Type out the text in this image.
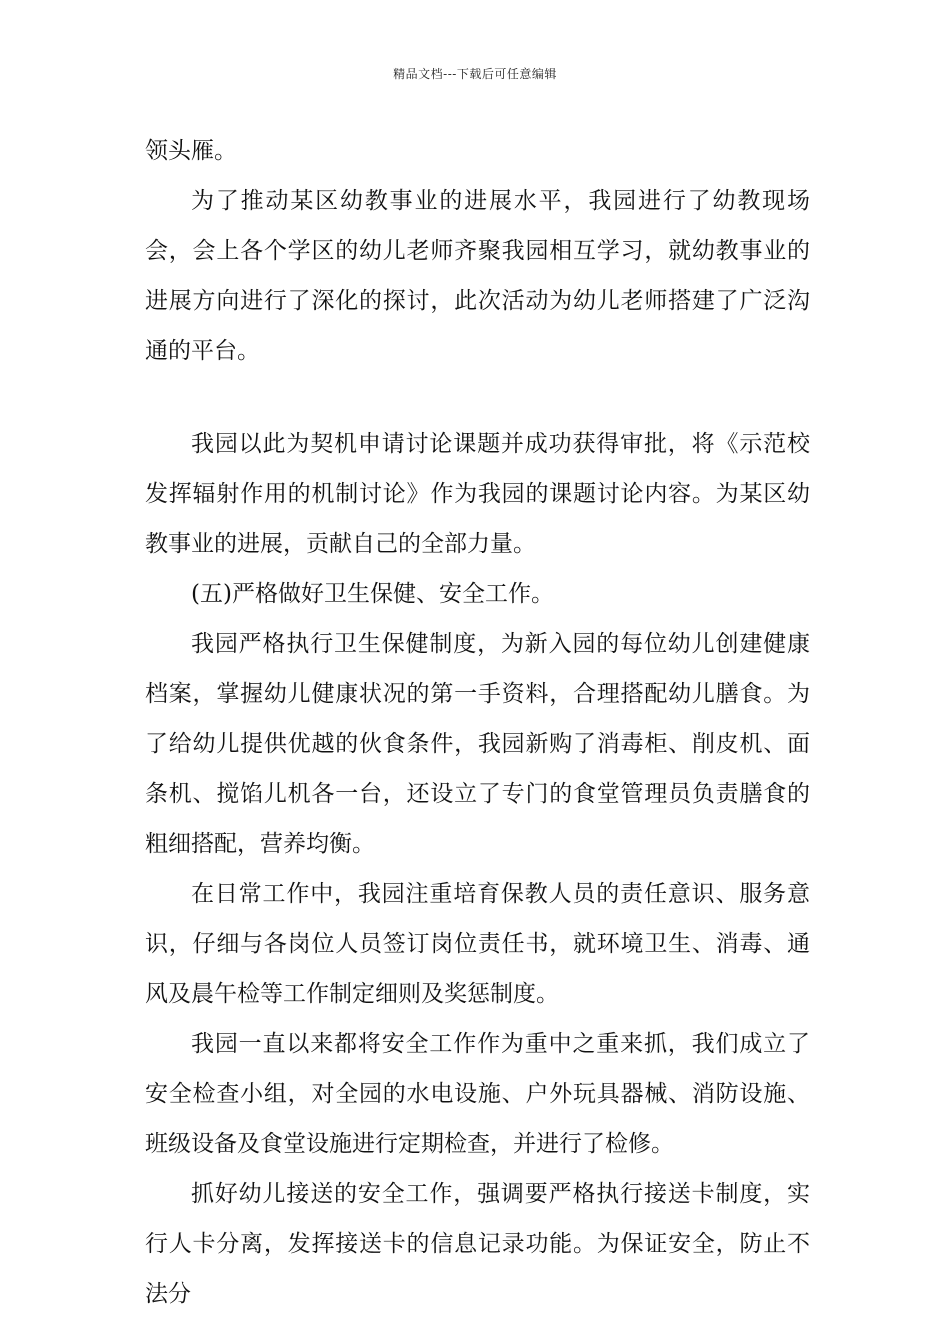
精品文档---下载后可任意编辑

领头雁。

为了推动某区幼教事业的进展水平，我园进行了幼教现场会，会上各个学区的幼儿老师齐聚我园相互学习，就幼教事业的进展方向进行了深化的探讨，此次活动为幼儿老师搭建了广泛沟通的平台。

我园以此为契机申请讨论课题并成功获得审批，将《示范校发挥辐射作用的机制讨论》作为我园的课题讨论内容。为某区幼教事业的进展，贡献自己的全部力量。

(五)严格做好卫生保健、安全工作。

我园严格执行卫生保健制度，为新入园的每位幼儿创建健康档案，掌握幼儿健康状况的第一手资料，合理搭配幼儿膳食。为了给幼儿提供优越的伙食条件，我园新购了消毒柜、削皮机、面条机、搅馅儿机各一台，还设立了专门的食堂管理员负责膳食的粗细搭配，营养均衡。

在日常工作中，我园注重培育保教人员的责任意识、服务意识，仔细与各岗位人员签订岗位责任书，就环境卫生、消毒、通风及晨午检等工作制定细则及奖惩制度。

我园一直以来都将安全工作作为重中之重来抓，我们成立了安全检查小组，对全园的水电设施、户外玩具器械、消防设施、班级设备及食堂设施进行定期检查，并进行了检修。

抓好幼儿接送的安全工作，强调要严格执行接送卡制度，实行人卡分离，发挥接送卡的信息记录功能。为保证安全，防止不法分
